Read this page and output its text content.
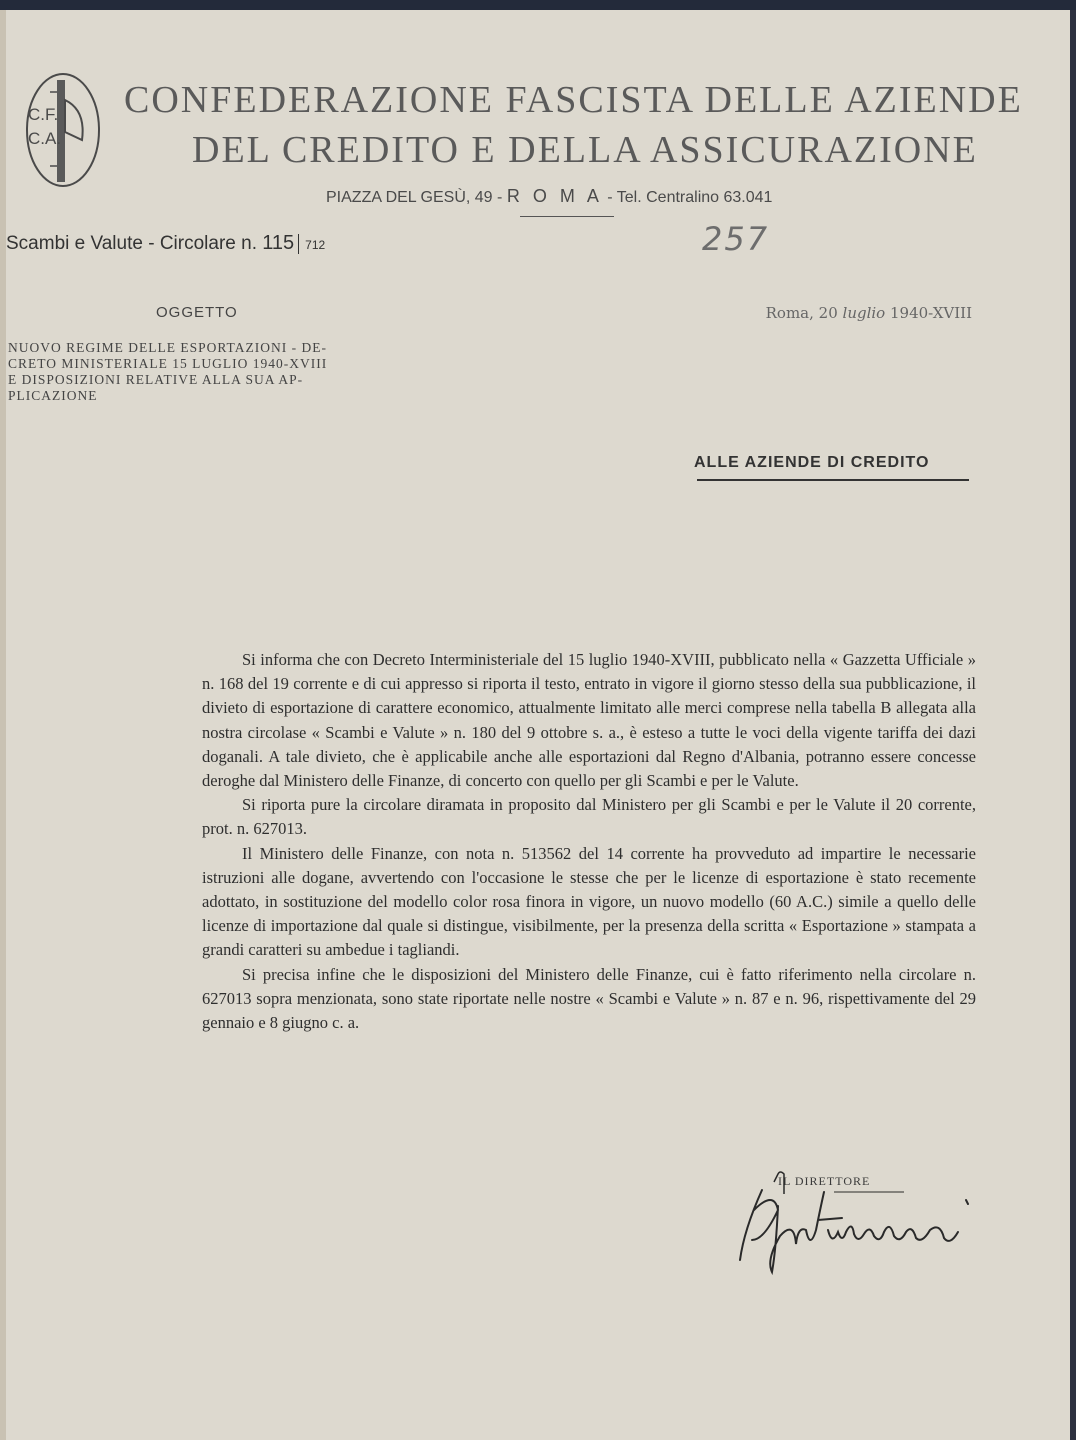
C.F.
C.A.
CONFEDERAZIONE FASCISTA DELLE AZIENDE
DEL CREDITO E DELLA ASSICURAZIONE
PIAZZA DEL GESÙ, 49 - R O M A - Tel. Centralino 63.041
Scambi e Valute - Circolare n. 115 712	257
OGGETTO	Roma, 20 luglio 1940-XVIII
NUOVO REGIME DELLE ESPORTAZIONI - DE-
CRETO MINISTERIALE 15 LUGLIO 1940-XVIII
E DISPOSIZIONI RELATIVE ALLA SUA AP-
PLICAZIONE
ALLE AZIENDE DI CREDITO

Si informa che con Decreto Interministeriale del 15 luglio 1940-XVIII, pubblicato nella « Gazzetta Ufficiale » n. 168 del 19 corrente e di cui appresso si riporta il testo, entrato in vigore il giorno stesso della sua pubblicazione, il divieto di esportazione di carattere economico, attualmente limitato alle merci comprese nella tabella B allegata alla nostra circolase « Scambi e Valute » n. 180 del 9 ottobre s. a., è esteso a tutte le voci della vigente tariffa dei dazi doganali. A tale divieto, che è applicabile anche alle esportazioni dal Regno d'Albania, potranno essere concesse deroghe dal Ministero delle Finanze, di concerto con quello per gli Scambi e per le Valute.

Si riporta pure la circolare diramata in proposito dal Ministero per gli Scambi e per le Valute il 20 corrente, prot. n. 627013.

Il Ministero delle Finanze, con nota n. 513562 del 14 corrente ha provveduto ad impartire le necessarie istruzioni alle dogane, avvertendo con l'occasione le stesse che per le licenze di esportazione è stato recemente adottato, in sostituzione del modello color rosa finora in vigore, un nuovo modello (60 A.C.) simile a quello delle licenze di importazione dal quale si distingue, visibilmente, per la presenza della scritta « Esportazione » stampata a grandi caratteri su ambedue i tagliandi.

Si precisa infine che le disposizioni del Ministero delle Finanze, cui è fatto riferimento nella circolare n. 627013 sopra menzionata, sono state riportate nelle nostre « Scambi e Valute » n. 87 e n. 96, rispettivamente del 29 gennaio e 8 giugno c. a.

IL DIRETTORE
